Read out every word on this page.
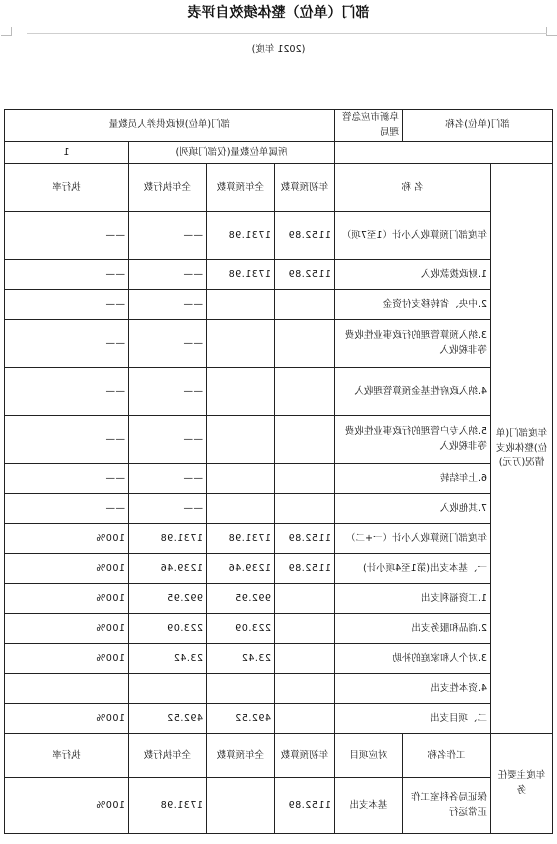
部门（单位）整体绩效自评表
(2021 年度)
部门(单位)名称		阜新市应急管理局	部门(单位)财政供养人员数量			
			所属单位数量(仅部门填列)			1
年度部门(单位)整体收支情况(万元)	名 称		年初预算数	全年预算数	全年执行数	执行率
	年度部门预算收入小计（1至7项）		1152.89	1731.98	——	——
	1.财政拨款收入		1152.89	1731.98	——	——
	2.中央、省转移支付资金				——	——
	3.纳入预算管理的行政事业性收费等非税收入				——	——
	4.纳入政府性基金预算管理收入				——	——
	5.纳入专户管理的行政事业性收费等非税收入				——	——
	6.上年结转				——	——
	7.其他收入				——	——
	年度部门预算收入小计（一+二）		1152.89	1731.98	1731.98	100%
	一、基本支出(第1至4项小计)		1152.89	1239.46	1239.46	100%
	1.工资福利支出			992.95	992.95	100%
	2.商品和服务支出			223.09	223.09	100%
	3.对个人和家庭的补助			23.42	23.42	100%
	4.资本性支出					
	二、项目支出			492.52	492.52	100%
年度主要任务	工作名称	对应项目	年初预算数	全年预算数	全年执行数	执行率
	保证局各科室工作正常运行	基本支出	1152.89		1731.98	100%
